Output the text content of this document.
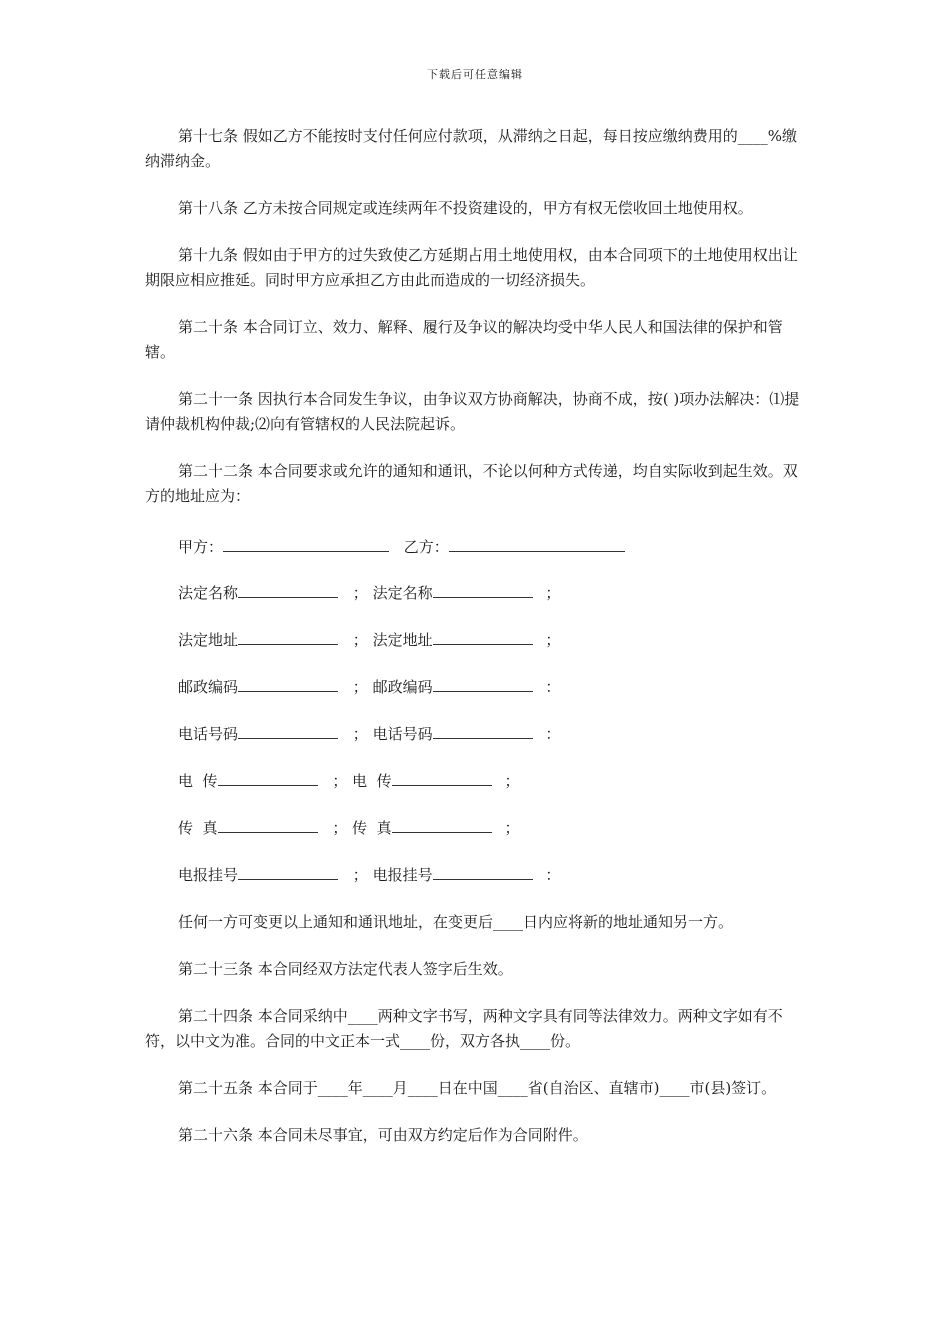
下载后可任意编辑

第十七条 假如乙方不能按时支付任何应付款项，从滞纳之日起，每日按应缴纳费用的____%缴纳滞纳金。

第十八条 乙方未按合同规定或连续两年不投资建设的，甲方有权无偿收回土地使用权。

第十九条 假如由于甲方的过失致使乙方延期占用土地使用权，由本合同项下的土地使用权出让期限应相应推延。同时甲方应承担乙方由此而造成的一切经济损失。

第二十条 本合同订立、效力、解释、履行及争议的解决均受中华人民人和国法律的保护和管辖。

第二十一条 因执行本合同发生争议，由争议双方协商解决，协商不成，按( )项办法解决：⑴提请仲裁机构仲裁;⑵向有管辖权的人民法院起诉。

第二十二条 本合同要求或允许的通知和通讯，不论以何种方式传递，均自实际收到起生效。双方的地址应为：

甲方：	乙方：
法定名称	； 法定名称	；
法定地址	； 法定地址	；
邮政编码	； 邮政编码	：
电话号码	； 电话号码	：
电  传	； 电  传	；
传  真	； 传  真	；
电报挂号	； 电报挂号	：

任何一方可变更以上通知和通讯地址，在变更后____日内应将新的地址通知另一方。

第二十三条 本合同经双方法定代表人签字后生效。

第二十四条 本合同采纳中____两种文字书写，两种文字具有同等法律效力。两种文字如有不符，以中文为准。合同的中文正本一式____份，双方各执____份。

第二十五条 本合同于____年____月____日在中国____省(自治区、直辖市)____市(县)签订。

第二十六条 本合同未尽事宜，可由双方约定后作为合同附件。
